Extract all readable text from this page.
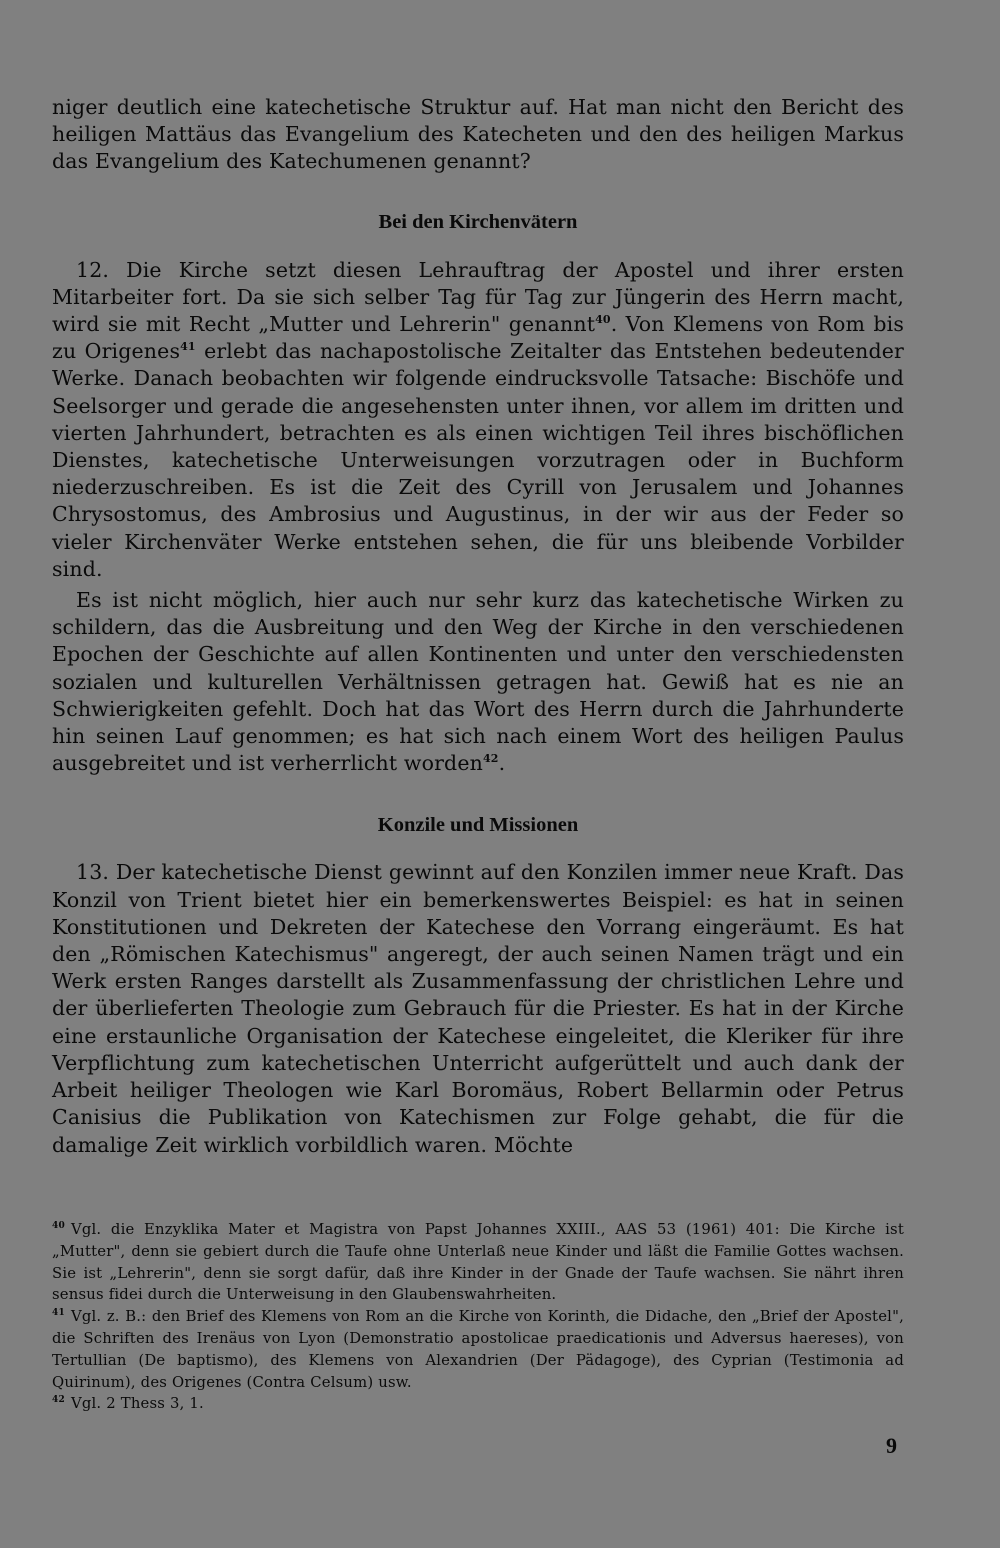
niger deutlich eine katechetische Struktur auf. Hat man nicht den Bericht des heiligen Mattäus das Evangelium des Katecheten und den des heiligen Markus das Evangelium des Katechumenen genannt?

Bei den Kirchenvätern

12. Die Kirche setzt diesen Lehrauftrag der Apostel und ihrer ersten Mitarbeiter fort. Da sie sich selber Tag für Tag zur Jüngerin des Herrn macht, wird sie mit Recht „Mutter und Lehrerin" genannt$^{40}$. Von Klemens von Rom bis zu Origenes$^{41}$ erlebt das nachapostolische Zeitalter das Entstehen bedeutender Werke. Danach beobachten wir folgende eindrucksvolle Tatsache: Bischöfe und Seelsorger und gerade die angesehensten unter ihnen, vor allem im dritten und vierten Jahrhundert, betrachten es als einen wichtigen Teil ihres bischöflichen Dienstes, katechetische Unterweisungen vorzutragen oder in Buchform niederzuschreiben. Es ist die Zeit des Cyrill von Jerusalem und Johannes Chrysostomus, des Ambrosius und Augustinus, in der wir aus der Feder so vieler Kirchenväter Werke entstehen sehen, die für uns bleibende Vorbilder sind.

Es ist nicht möglich, hier auch nur sehr kurz das katechetische Wirken zu schildern, das die Ausbreitung und den Weg der Kirche in den verschiedenen Epochen der Geschichte auf allen Kontinenten und unter den verschiedensten sozialen und kulturellen Verhältnissen getragen hat. Gewiß hat es nie an Schwierigkeiten gefehlt. Doch hat das Wort des Herrn durch die Jahrhunderte hin seinen Lauf genommen; es hat sich nach einem Wort des heiligen Paulus ausgebreitet und ist verherrlicht worden$^{42}$.

Konzile und Missionen

13. Der katechetische Dienst gewinnt auf den Konzilen immer neue Kraft. Das Konzil von Trient bietet hier ein bemerkenswertes Beispiel: es hat in seinen Konstitutionen und Dekreten der Katechese den Vorrang eingeräumt. Es hat den „Römischen Katechismus" angeregt, der auch seinen Namen trägt und ein Werk ersten Ranges darstellt als Zusammenfassung der christlichen Lehre und der überlieferten Theologie zum Gebrauch für die Priester. Es hat in der Kirche eine erstaunliche Organisation der Katechese eingeleitet, die Kleriker für ihre Verpflichtung zum katechetischen Unterricht aufgerüttelt und auch dank der Arbeit heiliger Theologen wie Karl Boromäus, Robert Bellarmin oder Petrus Canisius die Publikation von Katechismen zur Folge gehabt, die für die damalige Zeit wirklich vorbildlich waren. Möchte

$^{40}$ Vgl. die Enzyklika Mater et Magistra von Papst Johannes XXIII., AAS 53 (1961) 401: Die Kirche ist „Mutter", denn sie gebiert durch die Taufe ohne Unterlaß neue Kinder und läßt die Familie Gottes wachsen. Sie ist „Lehrerin", denn sie sorgt dafür, daß ihre Kinder in der Gnade der Taufe wachsen. Sie nährt ihren sensus fidei durch die Unterweisung in den Glaubenswahrheiten.

$^{41}$ Vgl. z. B.: den Brief des Klemens von Rom an die Kirche von Korinth, die Didache, den „Brief der Apostel", die Schriften des Irenäus von Lyon (Demonstratio apostolicae praedicationis und Adversus haereses), von Tertullian (De baptismo), des Klemens von Alexandrien (Der Pädagoge), des Cyprian (Testimonia ad Quirinum), des Origenes (Contra Celsum) usw.

$^{42}$ Vgl. 2 Thess 3, 1.

9
